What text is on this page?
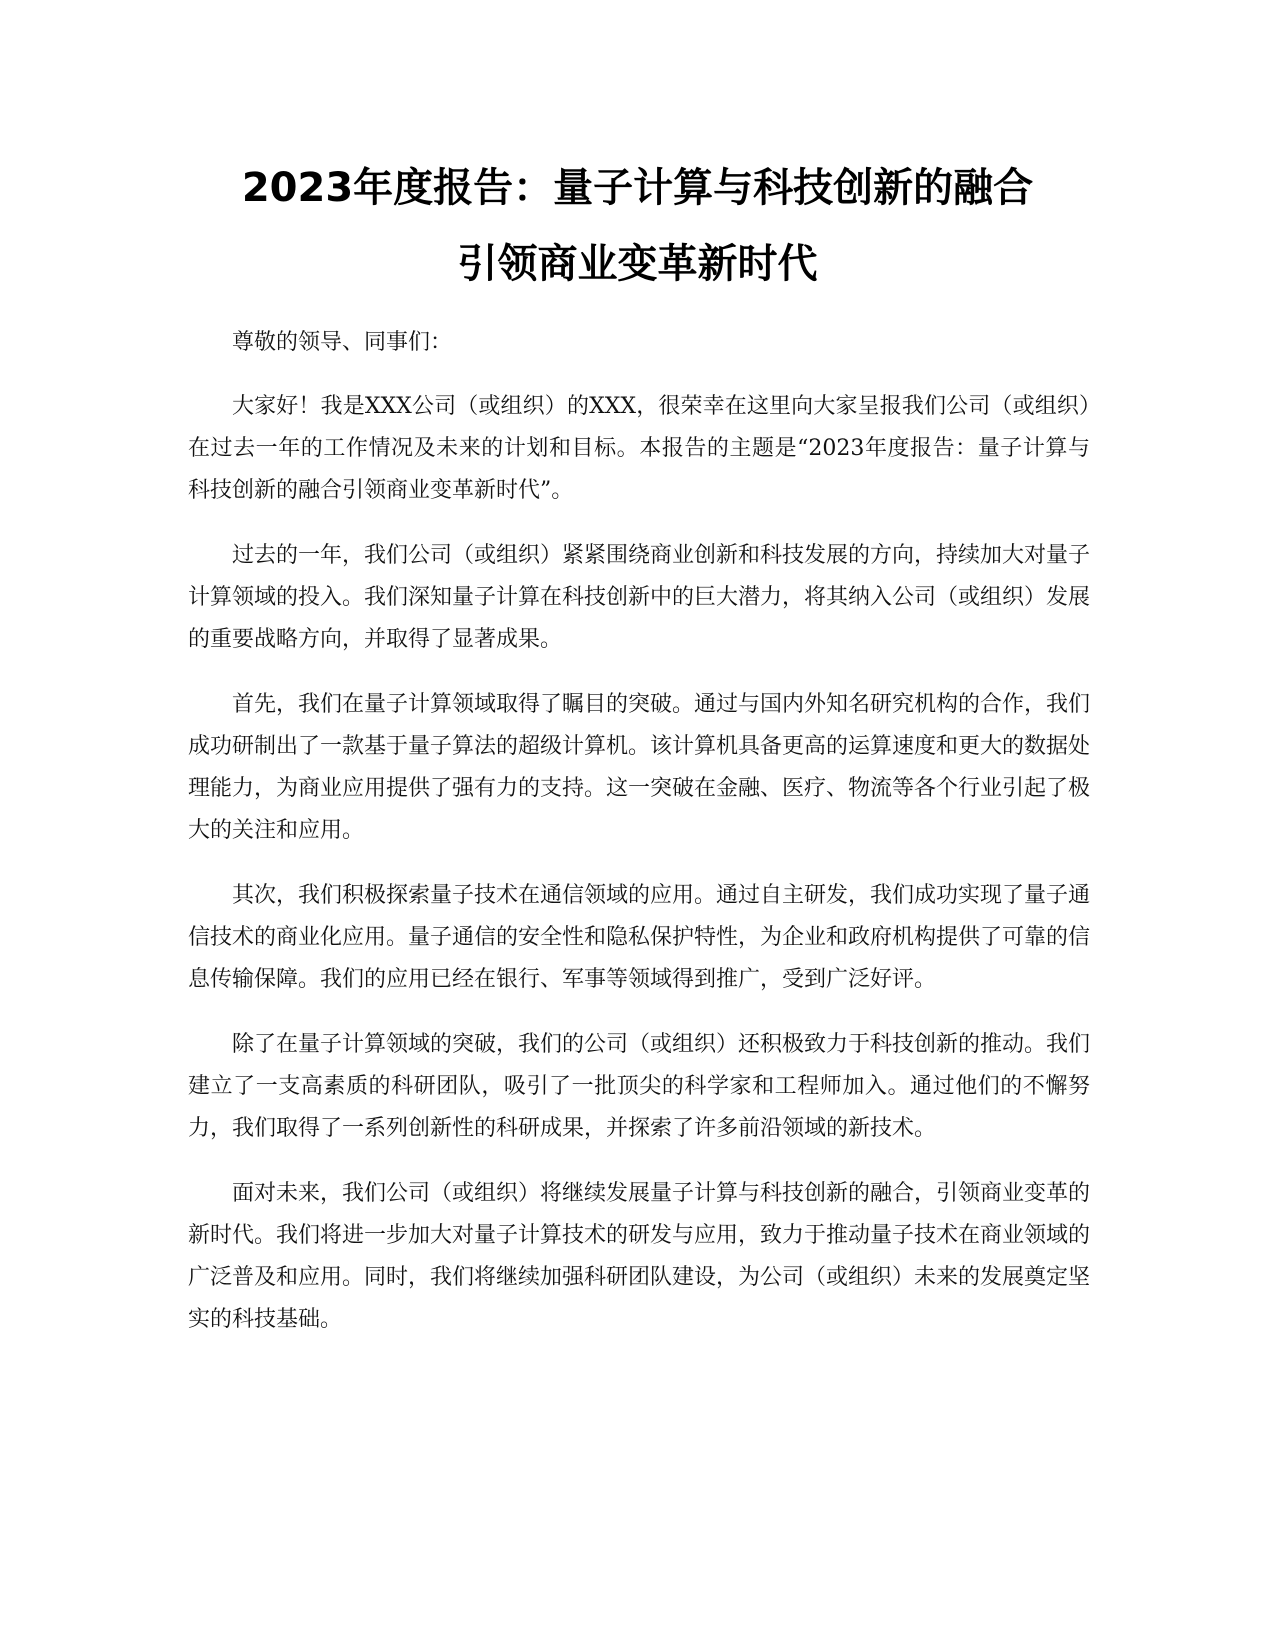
2023年度报告：量子计算与科技创新的融合
引领商业变革新时代

尊敬的领导、同事们：

大家好！我是XXX公司（或组织）的XXX，很荣幸在这里向大家呈报我们公司（或组织）在过去一年的工作情况及未来的计划和目标。本报告的主题是“2023年度报告：量子计算与科技创新的融合引领商业变革新时代”。

过去的一年，我们公司（或组织）紧紧围绕商业创新和科技发展的方向，持续加大对量子计算领域的投入。我们深知量子计算在科技创新中的巨大潜力，将其纳入公司（或组织）发展的重要战略方向，并取得了显著成果。

首先，我们在量子计算领域取得了瞩目的突破。通过与国内外知名研究机构的合作，我们成功研制出了一款基于量子算法的超级计算机。该计算机具备更高的运算速度和更大的数据处理能力，为商业应用提供了强有力的支持。这一突破在金融、医疗、物流等各个行业引起了极大的关注和应用。

其次，我们积极探索量子技术在通信领域的应用。通过自主研发，我们成功实现了量子通信技术的商业化应用。量子通信的安全性和隐私保护特性，为企业和政府机构提供了可靠的信息传输保障。我们的应用已经在银行、军事等领域得到推广，受到广泛好评。

除了在量子计算领域的突破，我们的公司（或组织）还积极致力于科技创新的推动。我们建立了一支高素质的科研团队，吸引了一批顶尖的科学家和工程师加入。通过他们的不懈努力，我们取得了一系列创新性的科研成果，并探索了许多前沿领域的新技术。

面对未来，我们公司（或组织）将继续发展量子计算与科技创新的融合，引领商业变革的新时代。我们将进一步加大对量子计算技术的研发与应用，致力于推动量子技术在商业领域的广泛普及和应用。同时，我们将继续加强科研团队建设，为公司（或组织）未来的发展奠定坚实的科技基础。
